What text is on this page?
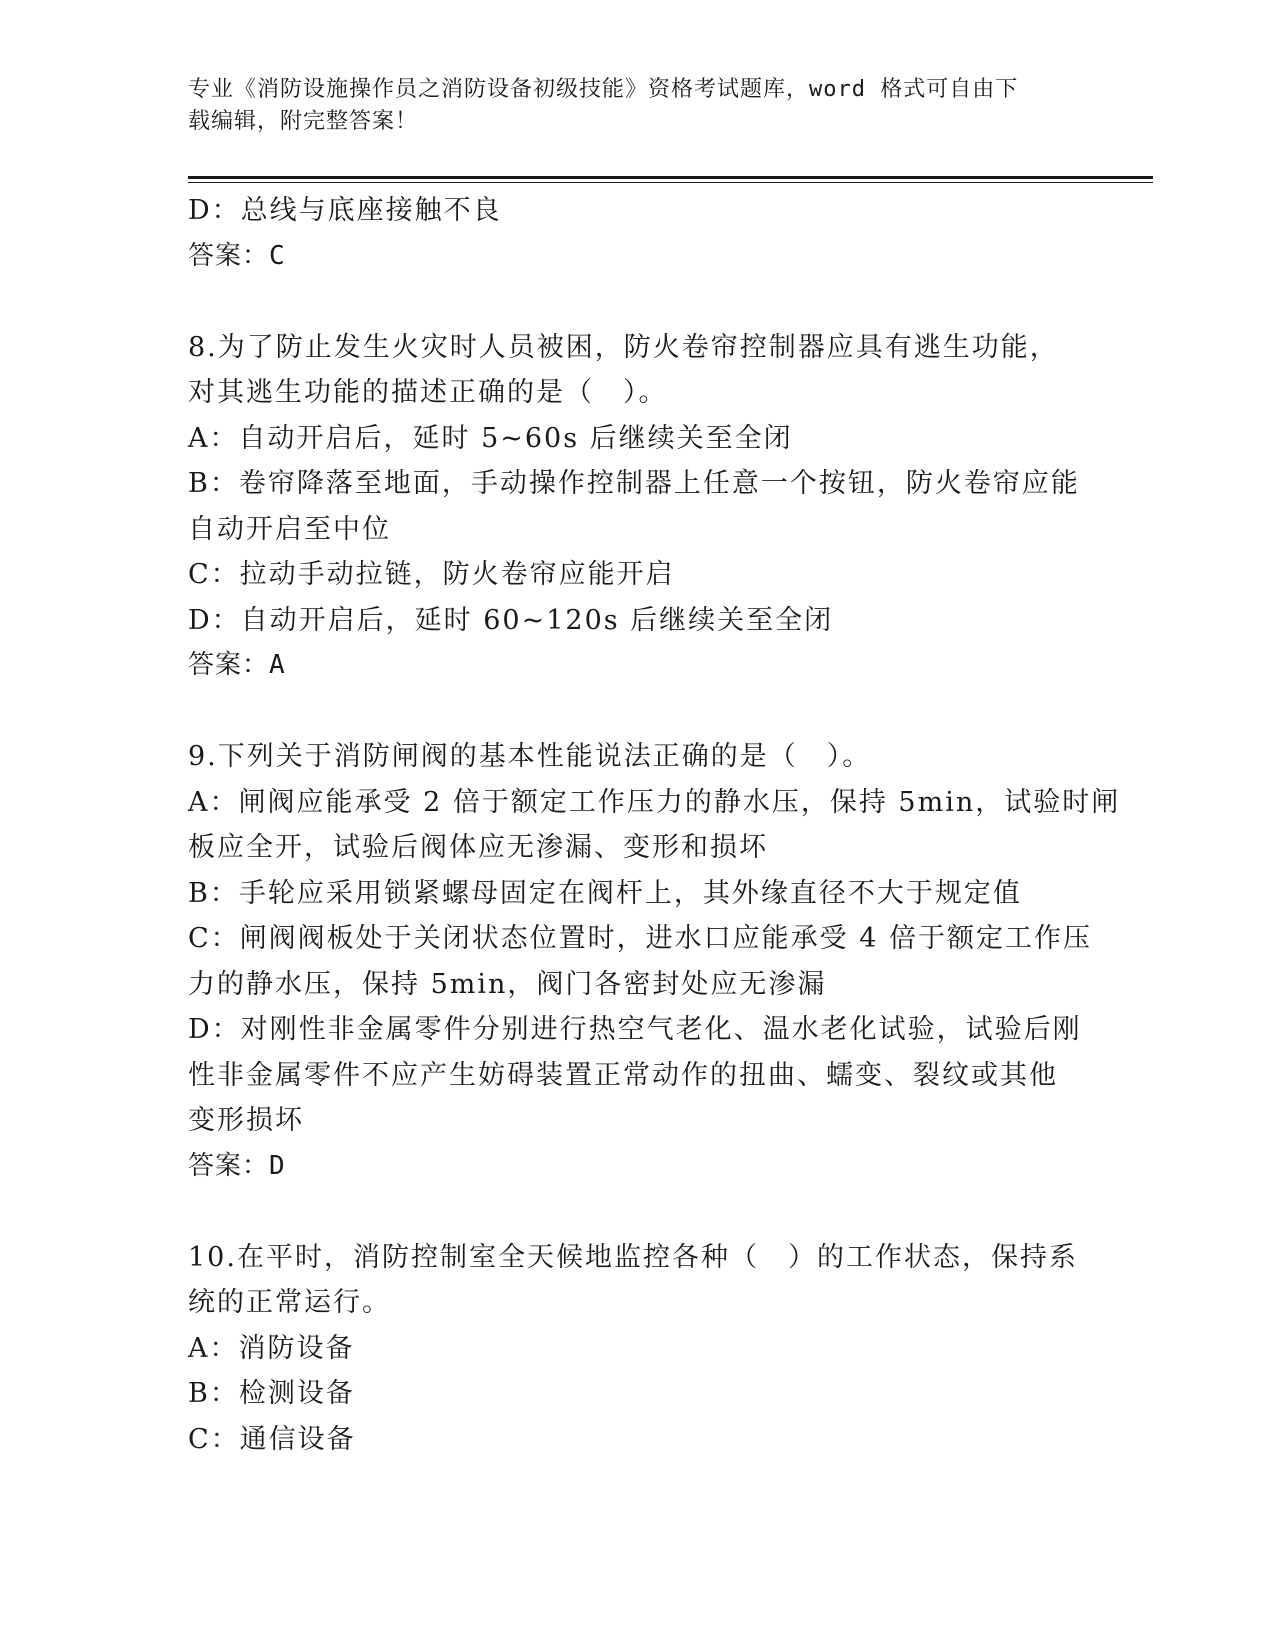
专业《消防设施操作员之消防设备初级技能》资格考试题库，word 格式可自由下
载编辑，附完整答案！
D：总线与底座接触不良
答案：C
8.为了防止发生火灾时人员被困，防火卷帘控制器应具有逃生功能，
对其逃生功能的描述正确的是（　）。
A：自动开启后，延时 5~60s 后继续关至全闭
B：卷帘降落至地面，手动操作控制器上任意一个按钮，防火卷帘应能
自动开启至中位
C：拉动手动拉链，防火卷帘应能开启
D：自动开启后，延时 60~120s 后继续关至全闭
答案：A
9.下列关于消防闸阀的基本性能说法正确的是（　）。
A：闸阀应能承受 2 倍于额定工作压力的静水压，保持 5min，试验时闸
板应全开，试验后阀体应无渗漏、变形和损坏
B：手轮应采用锁紧螺母固定在阀杆上，其外缘直径不大于规定值
C：闸阀阀板处于关闭状态位置时，进水口应能承受 4 倍于额定工作压
力的静水压，保持 5min，阀门各密封处应无渗漏
D：对刚性非金属零件分别进行热空气老化、温水老化试验，试验后刚
性非金属零件不应产生妨碍装置正常动作的扭曲、蠕变、裂纹或其他
变形损坏
答案：D
10.在平时，消防控制室全天候地监控各种（　）的工作状态，保持系
统的正常运行。
A：消防设备
B：检测设备
C：通信设备
